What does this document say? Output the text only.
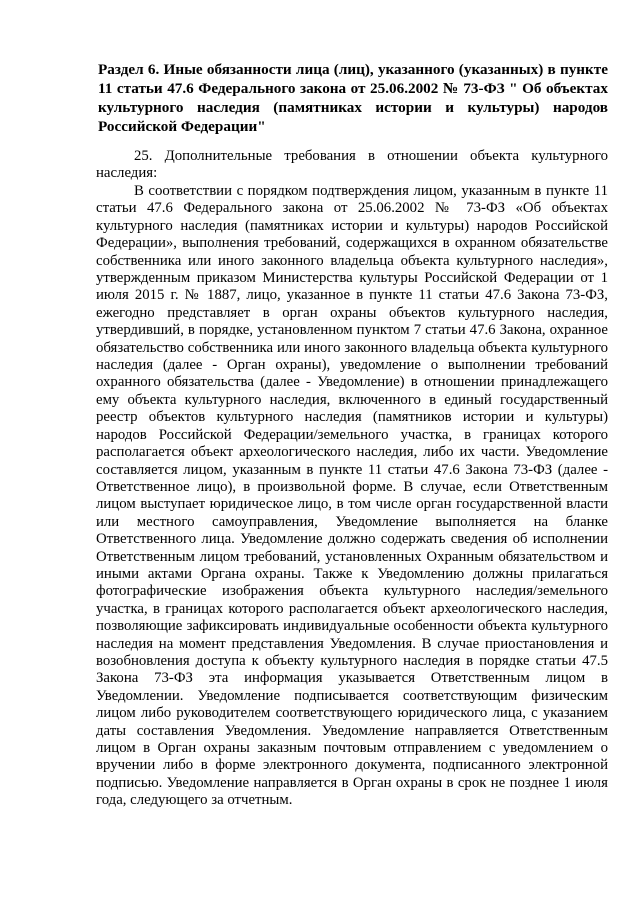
Раздел 6. Иные обязанности лица (лиц), указанного (указанных) в пункте 11 статьи 47.6 Федерального закона от 25.06.2002 № 73-ФЗ " Об объектах культурного наследия (памятниках истории и культуры) народов Российской Федерации"

25. Дополнительные требования в отношении объекта культурного наследия:

В соответствии с порядком подтверждения лицом, указанным в пункте 11 статьи 47.6 Федерального закона от 25.06.2002 № 73-ФЗ «Об объектах культурного наследия (памятниках истории и культуры) народов Российской Федерации», выполнения требований, содержащихся в охранном обязательстве собственника или иного законного владельца объекта культурного наследия», утвержденным приказом Министерства культуры Российской Федерации от 1 июля 2015 г. № 1887, лицо, указанное в пункте 11 статьи 47.6 Закона 73-ФЗ, ежегодно представляет в орган охраны объектов культурного наследия, утвердивший, в порядке, установленном пунктом 7 статьи 47.6 Закона, охранное обязательство собственника или иного законного владельца объекта культурного наследия (далее - Орган охраны), уведомление о выполнении требований охранного обязательства (далее - Уведомление) в отношении принадлежащего ему объекта культурного наследия, включенного в единый государственный реестр объектов культурного наследия (памятников истории и культуры) народов Российской Федерации/земельного участка, в границах которого располагается объект археологического наследия, либо их части. Уведомление составляется лицом, указанным в пункте 11 статьи 47.6 Закона 73-ФЗ (далее - Ответственное лицо), в произвольной форме. В случае, если Ответственным лицом выступает юридическое лицо, в том числе орган государственной власти или местного самоуправления, Уведомление выполняется на бланке Ответственного лица. Уведомление должно содержать сведения об исполнении Ответственным лицом требований, установленных Охранным обязательством и иными актами Органа охраны. Также к Уведомлению должны прилагаться фотографические изображения объекта культурного наследия/земельного участка, в границах которого располагается объект археологического наследия, позволяющие зафиксировать индивидуальные особенности объекта культурного наследия на момент представления Уведомления. В случае приостановления и возобновления доступа к объекту культурного наследия в порядке статьи 47.5 Закона 73-ФЗ эта информация указывается Ответственным лицом в Уведомлении. Уведомление подписывается соответствующим физическим лицом либо руководителем соответствующего юридического лица, с указанием даты составления Уведомления. Уведомление направляется Ответственным лицом в Орган охраны заказным почтовым отправлением с уведомлением о вручении либо в форме электронного документа, подписанного электронной подписью. Уведомление направляется в Орган охраны в срок не позднее 1 июля года, следующего за отчетным.
